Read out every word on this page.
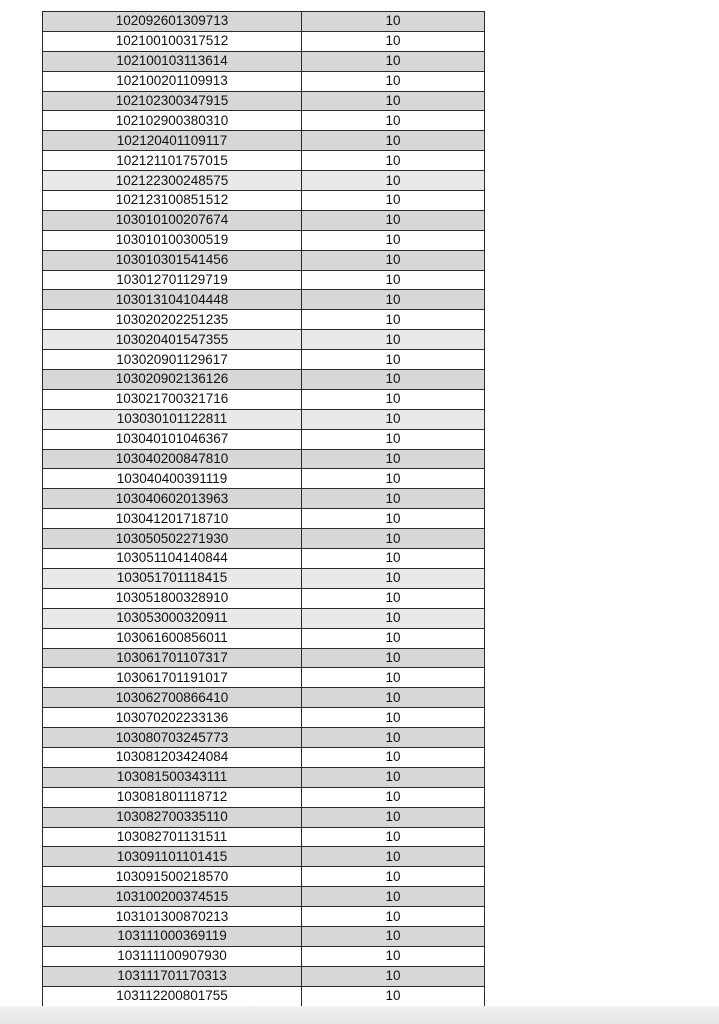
102092601309713	10
102100100317512	10
102100103113614	10
102100201109913	10
102102300347915	10
102102900380310	10
102120401109117	10
102121101757015	10
102122300248575	10
102123100851512	10
103010100207674	10
103010100300519	10
103010301541456	10
103012701129719	10
103013104104448	10
103020202251235	10
103020401547355	10
103020901129617	10
103020902136126	10
103021700321716	10
103030101122811	10
103040101046367	10
103040200847810	10
103040400391119	10
103040602013963	10
103041201718710	10
103050502271930	10
103051104140844	10
103051701118415	10
103051800328910	10
103053000320911	10
103061600856011	10
103061701107317	10
103061701191017	10
103062700866410	10
103070202233136	10
103080703245773	10
103081203424084	10
103081500343111	10
103081801118712	10
103082700335110	10
103082701131511	10
103091101101415	10
103091500218570	10
103100200374515	10
103101300870213	10
103111000369119	10
103111100907930	10
103111701170313	10
103112200801755	10
